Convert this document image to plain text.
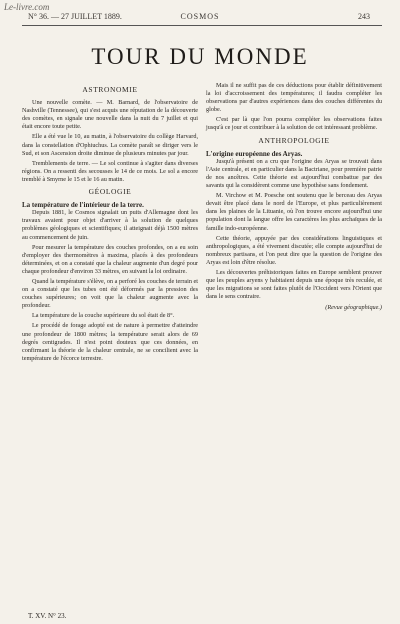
Le-livre.com
N° 36. — 27 JUILLET 1889.	COSMOS	243
TOUR DU MONDE
ASTRONOMIE

Une nouvelle comète. — M. Barnard, de l'observatoire de Nashville (Tennessee), qui s'est acquis une réputation de la découverte des comètes, en signale une nouvelle dans la nuit du 7 juillet et qui était encore toute petite.

Elle a été vue le 10, au matin, à l'observatoire du collège Harvard, dans la constellation d'Ophiuchus. La comète paraît se diriger vers le Sud, et son Ascension droite diminue de plusieurs minutes par jour.

Tremblements de terre. — Le sol continue à s'agiter dans diverses régions. On a ressenti des secousses le 14 de ce mois. Le sol a encore tremblé à Smyrne le 15 et le 16 au matin.

GÉOLOGIE
La température de l'intérieur de la terre.

Depuis 1881, le Cosmos signalait un puits d'Allemagne dont les travaux avaient pour objet d'arriver à la solution de quelques problèmes géologiques et scientifiques; il atteignait déjà 1500 mètres au commencement de juin.

Pour mesurer la température des couches profondes, on a eu soin d'employer des thermomètres à maxima, placés à des profondeurs déterminées, et on a constaté que la chaleur augmente d'un degré pour chaque profondeur d'environ 33 mètres, en suivant la loi ordinaire.

Quand la température s'élève, on a perforé les couches de terrain et on a constaté que les tubes ont été déformés par la pression des couches supérieures; on voit que la chaleur augmente avec la profondeur.

La température de la couche supérieure du sol était de 8°.

Le procédé de forage adopté est de nature à permettre d'atteindre une profondeur de 1800 mètres; la température serait alors de 69 degrés centigrades. Il n'est point douteux que ces données, en confirmant la théorie de la chaleur centrale, ne se concilient avec la température de l'écorce terrestre.

Mais il ne suffit pas de ces déductions pour établir définitivement la loi d'accroissement des températures; il faudra compléter les observations par d'autres expériences dans des couches différentes du globe.

C'est par là que l'on pourra compléter les observations faites jusqu'à ce jour et contribuer à la solution de cet intéressant problème.

ANTHROPOLOGIE
L'origine européenne des Aryas.

Jusqu'à présent on a cru que l'origine des Aryas se trouvait dans l'Asie centrale, et en particulier dans la Bactriane, pour première patrie de nos ancêtres. Cette théorie est aujourd'hui combattue par des savants qui la considèrent comme une hypothèse sans fondement.

M. Virchow et M. Poesche ont soutenu que le berceau des Aryas devait être placé dans le nord de l'Europe, et plus particulièrement dans les plaines de la Lituanie, où l'on trouve encore aujourd'hui une population dont la langue offre les caractères les plus archaïques de la famille indo-européenne.

Cette théorie, appuyée par des considérations linguistiques et anthropologiques, a été vivement discutée; elle compte aujourd'hui de nombreux partisans, et l'on peut dire que la question de l'origine des Aryas est loin d'être résolue.

Les découvertes préhistoriques faites en Europe semblent prouver que les peuples aryens y habitaient depuis une époque très reculée, et que les migrations se sont faites plutôt de l'Occident vers l'Orient que dans le sens contraire.

(Revue géographique.)
T. XV. N° 23.
